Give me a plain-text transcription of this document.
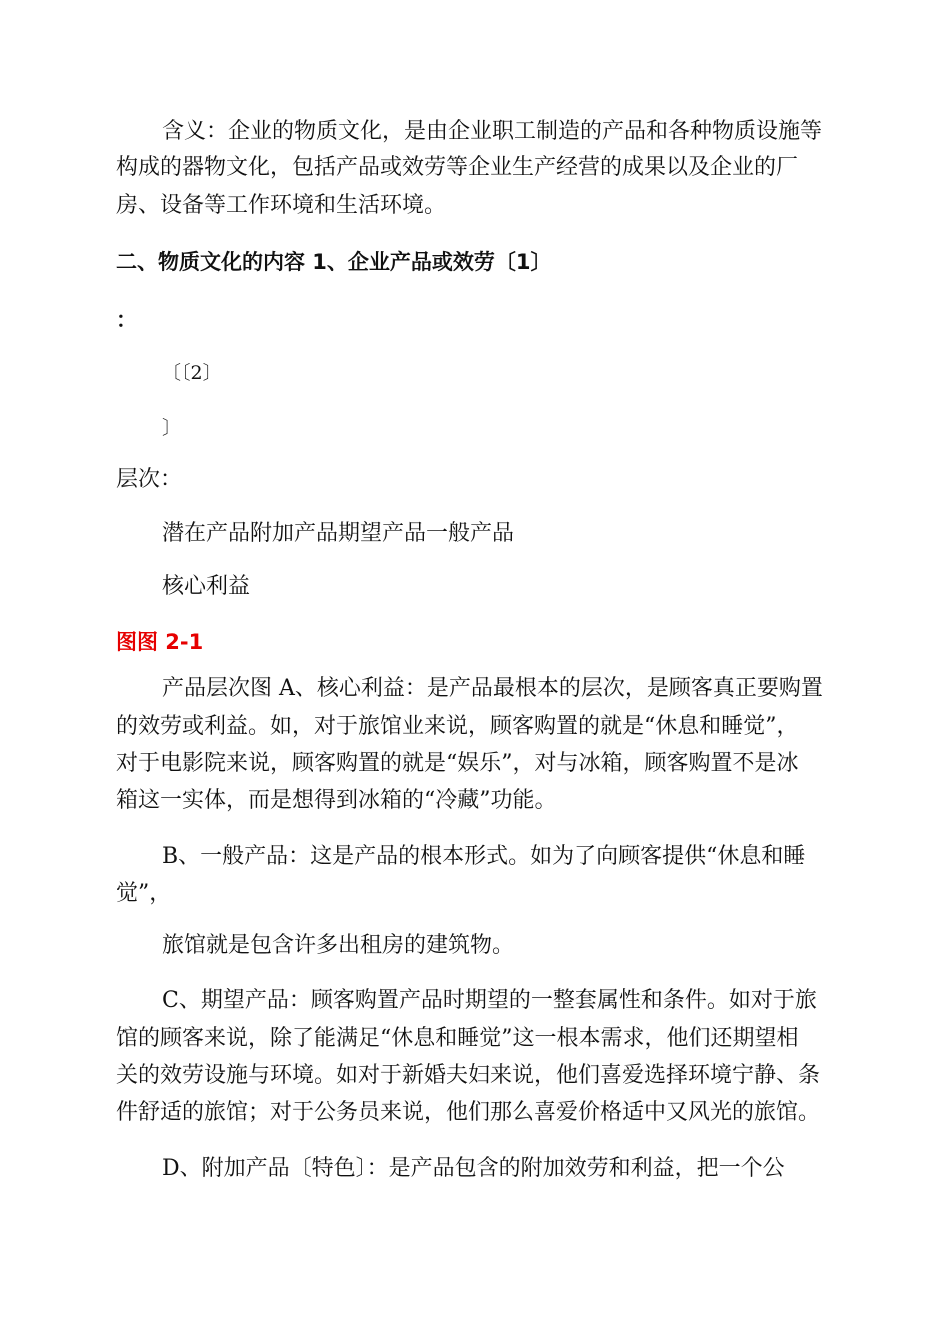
含义：企业的物质文化，是由企业职工制造的产品和各种物质设施等

构成的器物文化，包括产品或效劳等企业生产经营的成果以及企业的厂

房、设备等工作环境和生活环境。

二、物质文化的内容 1、企业产品或效劳〔1〕

：

〔〔2〕

〕

层次：

潜在产品附加产品期望产品一般产品

核心利益

图图 2-1

产品层次图 A、核心利益：是产品最根本的层次，是顾客真正要购置

的效劳或利益。如，对于旅馆业来说，顾客购置的就是“休息和睡觉”，

对于电影院来说，顾客购置的就是“娱乐”，对与冰箱，顾客购置不是冰

箱这一实体，而是想得到冰箱的“冷藏”功能。

B、一般产品：这是产品的根本形式。如为了向顾客提供“休息和睡

觉”，

旅馆就是包含许多出租房的建筑物。

C、期望产品：顾客购置产品时期望的一整套属性和条件。如对于旅

馆的顾客来说，除了能满足“休息和睡觉”这一根本需求，他们还期望相

关的效劳设施与环境。如对于新婚夫妇来说，他们喜爱选择环境宁静、条

件舒适的旅馆；对于公务员来说，他们那么喜爱价格适中又风光的旅馆。

D、附加产品〔特色〕：是产品包含的附加效劳和利益，把一个公
